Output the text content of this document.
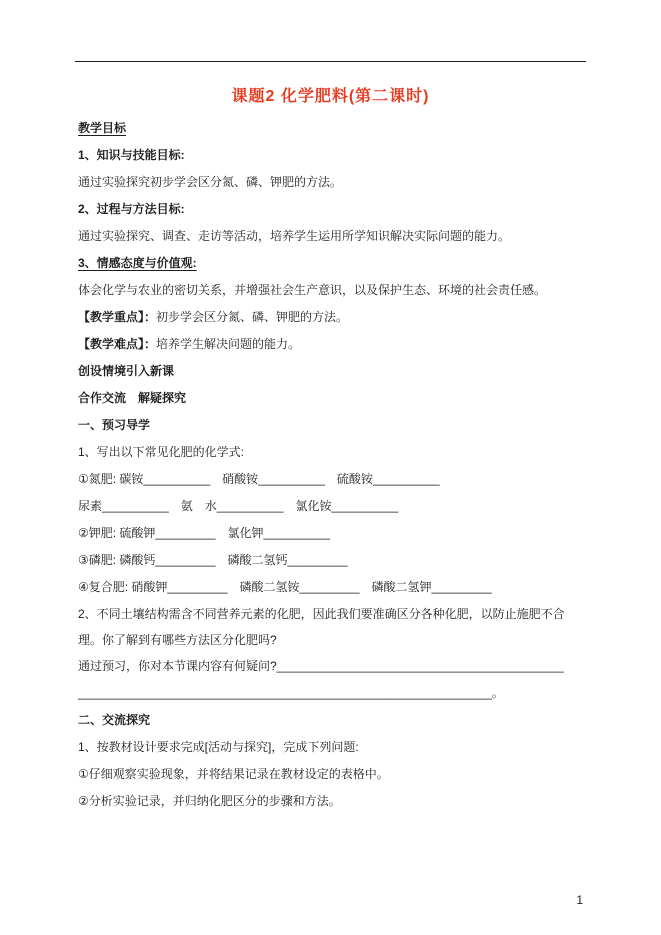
课题2 化学肥料(第二课时)

教学目标

1、知识与技能目标:

通过实验探究初步学会区分氮、磷、钾肥的方法。

2、过程与方法目标:

通过实验探究、调查、走访等活动，培养学生运用所学知识解决实际问题的能力。

3、情感态度与价值观:

体会化学与农业的密切关系，并增强社会生产意识，以及保护生态、环境的社会责任感。

【教学重点】：初步学会区分氮、磷、钾肥的方法。

【教学难点】：培养学生解决问题的能力。

创设情境引入新课

合作交流　解疑探究

一、预习导学

1、写出以下常见化肥的化学式:

①氮肥: 碳铵__________　硝酸铵__________　硫酸铵__________

尿素__________　氨　水__________　氯化铵__________

②钾肥: 硫酸钾_________　氯化钾__________

③磷肥: 磷酸钙_________　磷酸二氢钙_________

④复合肥: 硝酸钾_________　磷酸二氢铵_________　磷酸二氢钾_________

2、不同土壤结构需含不同营养元素的化肥，因此我们要准确区分各种化肥，以防止施肥不合理。你了解到有哪些方法区分化肥吗?

通过预习，你对本节课内容有何疑问?___________________________________________

______________________________________________________________。

二、交流探究

1、按教材设计要求完成[活动与探究]，完成下列问题:

①仔细观察实验现象，并将结果记录在教材设定的表格中。

②分析实验记录，并归纳化肥区分的步骤和方法。

1
